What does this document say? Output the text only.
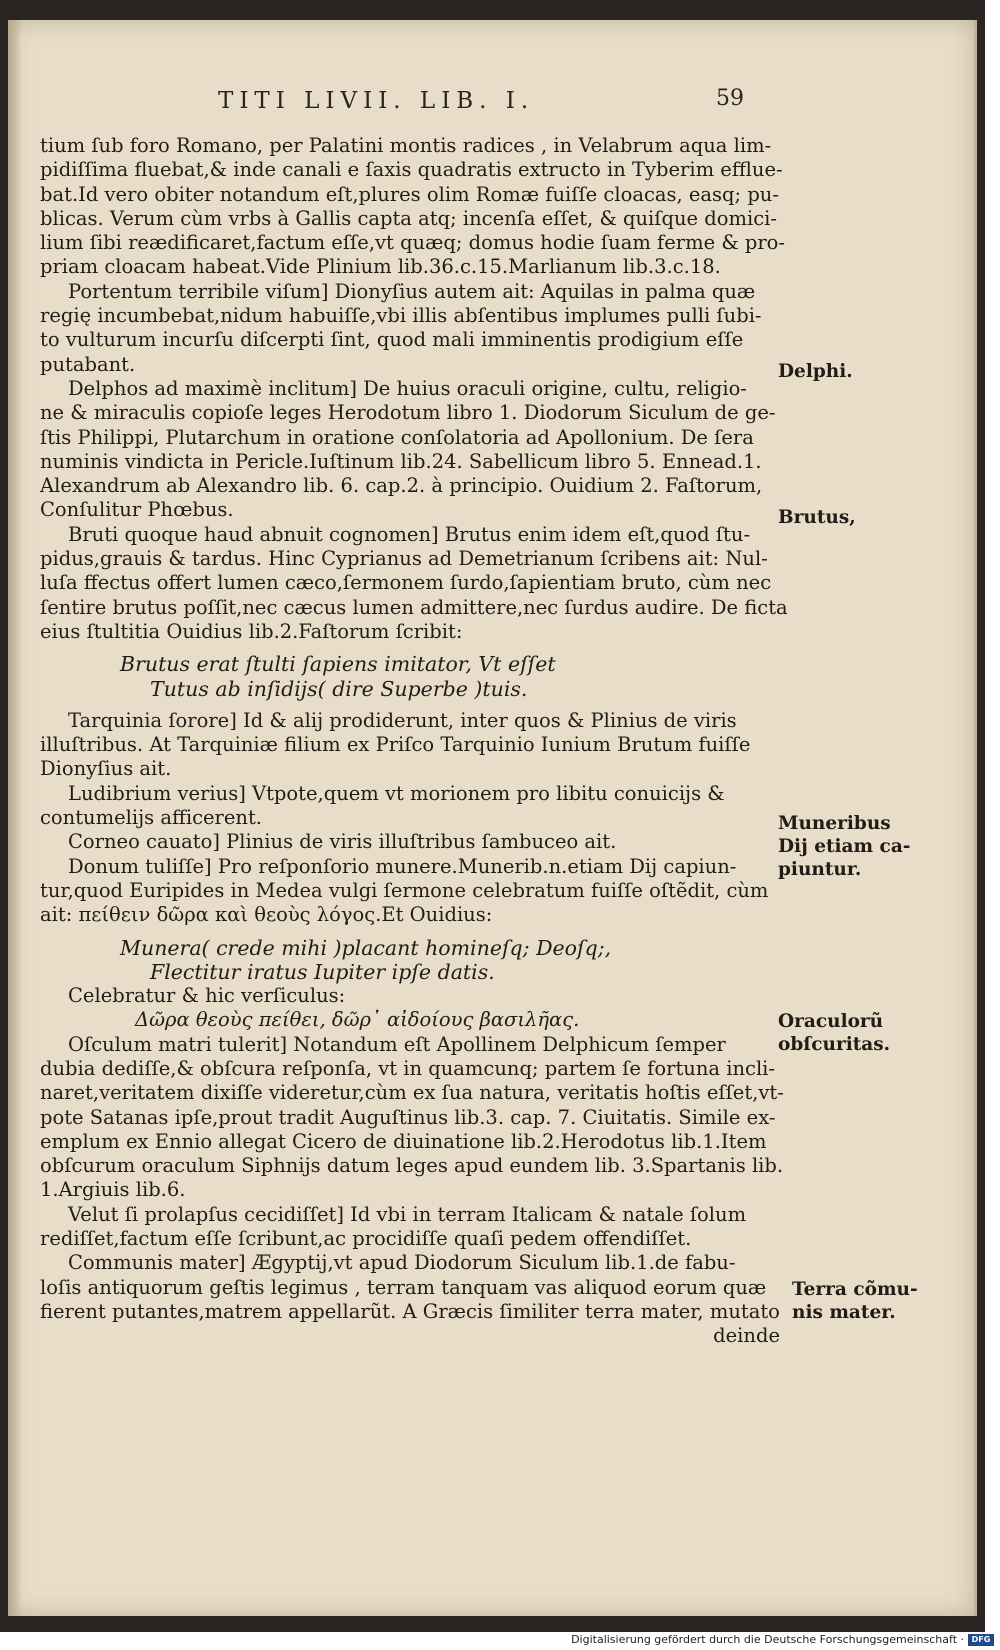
TITI LIVII. LIB. I.	59
tium ſub foro Romano, per Palatini montis radices , in Velabrum aqua lim-
pidiſſima fluebat,& inde canali e ſaxis quadratis extructo in Tyberim efflue-
bat.Id vero obiter notandum eſt,plures olim Romæ fuiſſe cloacas, easq; pu-
blicas. Verum cùm vrbs à Gallis capta atq; incenſa eſſet, & quiſque domici-
lium ſibi reædificaret,factum eſſe,vt quæq; domus hodie ſuam ferme & pro-
priam cloacam habeat.Vide Plinium lib.36.c.15.Marlianum lib.3.c.18.
Portentum terribile viſum] Dionyſius autem ait: Aquilas in palma quæ
regię incumbebat,nidum habuiſſe,vbi illis abſentibus implumes pulli ſubi-
to vulturum incurſu diſcerpti ſint, quod mali imminentis prodigium eſſe
putabant.
Delphos ad maximè inclitum] De huius oraculi origine, cultu, religio-
ne & miraculis copioſe leges Herodotum libro 1. Diodorum Siculum de ge-
ſtis Philippi, Plutarchum in oratione conſolatoria ad Apollonium. De ſera
numinis vindicta in Pericle.Iuſtinum lib.24. Sabellicum libro 5. Ennead.1.
Alexandrum ab Alexandro lib. 6. cap.2. à principio. Ouidium 2. Faſtorum,
Conſulitur Phœbus.
Bruti quoque haud abnuit cognomen] Brutus enim idem eſt,quod ſtu-
pidus,grauis & tardus. Hinc Cyprianus ad Demetrianum ſcribens ait: Nul-
luſa ffectus offert lumen cæco,ſermonem ſurdo,ſapientiam bruto, cùm nec
ſentire brutus poſſit,nec cæcus lumen admittere,nec ſurdus audire. De ficta
eius ſtultitia Ouidius lib.2.Faſtorum ſcribit:
Brutus erat ſtulti ſapiens imitator, Vt eſſet
Tutus ab inſidijs( dire Superbe )tuis.
Tarquinia ſorore] Id & alij prodiderunt, inter quos & Plinius de viris
illuſtribus. At Tarquiniæ filium ex Priſco Tarquinio Iunium Brutum fuiſſe
Dionyſius ait.
Ludibrium verius] Vtpote,quem vt morionem pro libitu conuicijs &
contumelijs afficerent.
Corneo cauato] Plinius de viris illuſtribus ſambuceo ait.
Donum tuliſſe] Pro reſponſorio munere.Munerib.n.etiam Dij capiun-
tur,quod Euripides in Medea vulgi ſermone celebratum fuiſſe oſtẽdit, cùm
ait: πείθειν δῶρα καὶ θεοὺς λόγος.Et Ouidius:
Munera( crede mihi )placant homineſq; Deoſq;,
Flectitur iratus Iupiter ipſe datis.
Celebratur & hic verſiculus:
Δῶρα θεοὺς πείθει, δῶρ᾽ αἰδοίους βασιλῆας.
Oſculum matri tulerit] Notandum eſt Apollinem Delphicum ſemper
dubia dediſſe,& obſcura reſponſa, vt in quamcunq; partem ſe fortuna incli-
naret,veritatem dixiſſe videretur,cùm ex ſua natura, veritatis hoſtis eſſet,vt-
pote Satanas ipſe,prout tradit Auguſtinus lib.3. cap. 7. Ciuitatis. Simile ex-
emplum ex Ennio allegat Cicero de diuinatione lib.2.Herodotus lib.1.Item
obſcurum oraculum Siphnijs datum leges apud eundem lib. 3.Spartanis lib.
1.Argiuis lib.6.
Velut ſi prolapſus cecidiſſet] Id vbi in terram Italicam & natale ſolum
rediſſet,factum eſſe ſcribunt,ac procidiſſe quaſi pedem offendiſſet.
Communis mater] Ægyptij,vt apud Diodorum Siculum lib.1.de fabu-
loſis antiquorum geſtis legimus , terram tanquam vas aliquod eorum quæ
fierent putantes,matrem appellarũt. A Græcis ſimiliter terra mater, mutato
deinde
Delphi.
Brutus,
Muneribus
Dij etiam ca-
piuntur.
Oraculorũ
obſcuritas.
Terra cõmu-
nis mater.
Digitalisierung gefördert durch die Deutsche Forschungsgemeinschaft · DFG
